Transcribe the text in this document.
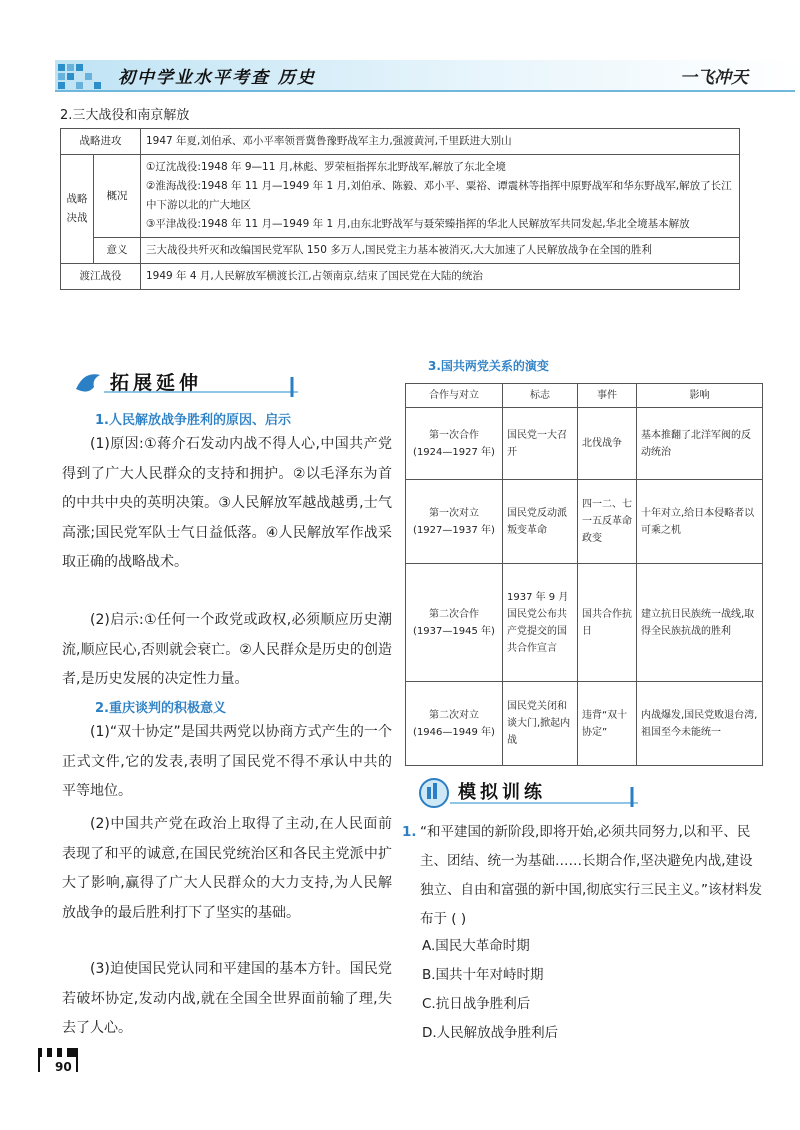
初中学业水平考查 历史	一飞冲天
2.三大战役和南京解放
战略进攻		1947 年夏,刘伯承、邓小平率领晋冀鲁豫野战军主力,强渡黄河,千里跃进大别山
战略决战	概况	①辽沈战役:1948 年 9—11 月,林彪、罗荣桓指挥东北野战军,解放了东北全境
②淮海战役:1948 年 11 月—1949 年 1 月,刘伯承、陈毅、邓小平、粟裕、谭震林等指挥中原野战军和华东野战军,解放了长江中下游以北的广大地区
③平津战役:1948 年 11 月—1949 年 1 月,由东北野战军与聂荣臻指挥的华北人民解放军共同发起,华北全境基本解放

	意义	三大战役共歼灭和改编国民党军队 150 多万人,国民党主力基本被消灭,大大加速了人民解放战争在全国的胜利
渡江战役		1949 年 4 月,人民解放军横渡长江,占领南京,结束了国民党在大陆的统治
拓展延伸
1.人民解放战争胜利的原因、启示
(1)原因:①蒋介石发动内战不得人心,中国共产党得到了广大人民群众的支持和拥护。②以毛泽东为首的中共中央的英明决策。③人民解放军越战越勇,士气高涨;国民党军队士气日益低落。④人民解放军作战采取正确的战略战术。
(2)启示:①任何一个政党或政权,必须顺应历史潮流,顺应民心,否则就会衰亡。②人民群众是历史的创造者,是历史发展的决定性力量。
2.重庆谈判的积极意义
(1)“双十协定”是国共两党以协商方式产生的一个正式文件,它的发表,表明了国民党不得不承认中共的平等地位。
(2)中国共产党在政治上取得了主动,在人民面前表现了和平的诚意,在国民党统治区和各民主党派中扩大了影响,赢得了广大人民群众的大力支持,为人民解放战争的最后胜利打下了坚实的基础。
(3)迫使国民党认同和平建国的基本方针。国民党若破坏协定,发动内战,就在全国全世界面前输了理,失去了人心。
3.国共两党关系的演变
合作与对立	标志	事件	影响
第一次合作
(1924—1927 年)	国民党一大召开	北伐战争	基本推翻了北洋军阀的反动统治
第一次对立
(1927—1937 年)	国民党反动派叛变革命	四一二、七一五反革命政变	十年对立,给日本侵略者以可乘之机
第二次合作
(1937—1945 年)	1937 年 9 月国民党公布共产党提交的国共合作宣言	国共合作抗日	建立抗日民族统一战线,取得全民族抗战的胜利
第二次对立
(1946—1949 年)	国民党关闭和谈大门,掀起内战	违背“双十协定”	内战爆发,国民党败退台湾,祖国至今未能统一
模拟训练
1. “和平建国的新阶段,即将开始,必须共同努力,以和平、民主、团结、统一为基础……长期合作,坚决避免内战,建设独立、自由和富强的新中国,彻底实行三民主义。”该材料发布于 ( )
A.国民大革命时期
B.国共十年对峙时期
C.抗日战争胜利后
D.人民解放战争胜利后
90
